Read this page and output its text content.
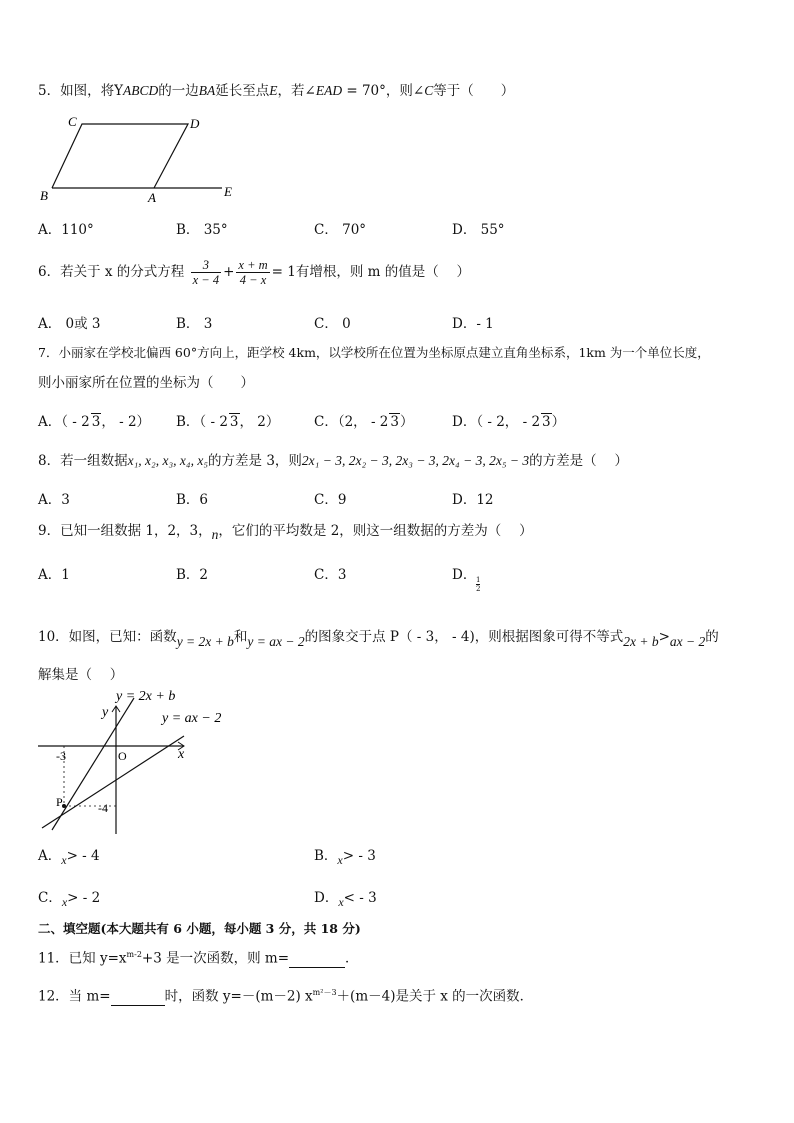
5．如图，将YABCD的一边BA延长至点E，若∠EAD = 70°，则∠C等于（　　）
C	D
B	A	E
A．110°	B． 35°	C． 70°	D． 55°
6．若关于 x 的分式方程 $\frac{3}{x - 4} + \frac{x + m}{4 - x} = 1$有增根，则 m 的值是（　 ）
A． 0或 3	B． 3	C． 0	D．- 1
7．小丽家在学校北偏西 60°方向上，距学校 4km，以学校所在位置为坐标原点建立直角坐标系，1km 为一个单位长度，
则小丽家所在位置的坐标为（　　）
A．（ - 2 3， - 2） B．（ - 2 3， 2）	C．（2， - 2 3）	D．（ - 2， - 2 3）
8．若一组数据x₁, x₂, x₃, x₄, x₅的方差是 3，则2x₁ − 3, 2x₂ − 3, 2x₃ − 3, 2x₄ − 3, 2x₅ − 3的方差是（　 ）
A．3	B．6	C．9	D．12
9．已知一组数据 1，2，3，n，它们的平均数是 2，则这一组数据的方差为（　 ）
A．1	B．2	C．3	D． 1
2
10．如图，已知：函数y = 2x + b和y = ax − 2的图象交于点 P（ - 3， - 4)，则根据图象可得不等式2x + b>ax − 2的
解集是（　 ）
y = 2x + b
y = ax − 2
y
x
O
-3
-4
P
A．x> - 4	B．x> - 3
C．x> - 2	D．x< - 3
二、填空题(本大题共有 6 小题，每小题 3 分，共 18 分)
11．已知 $y=x^{m-2}+3$ 是一次函数，则 m=	．
12．当 m=	时，函数 y=－(m－2) $x^{m^2-3}+(m-4)$是关于 x 的一次函数．
